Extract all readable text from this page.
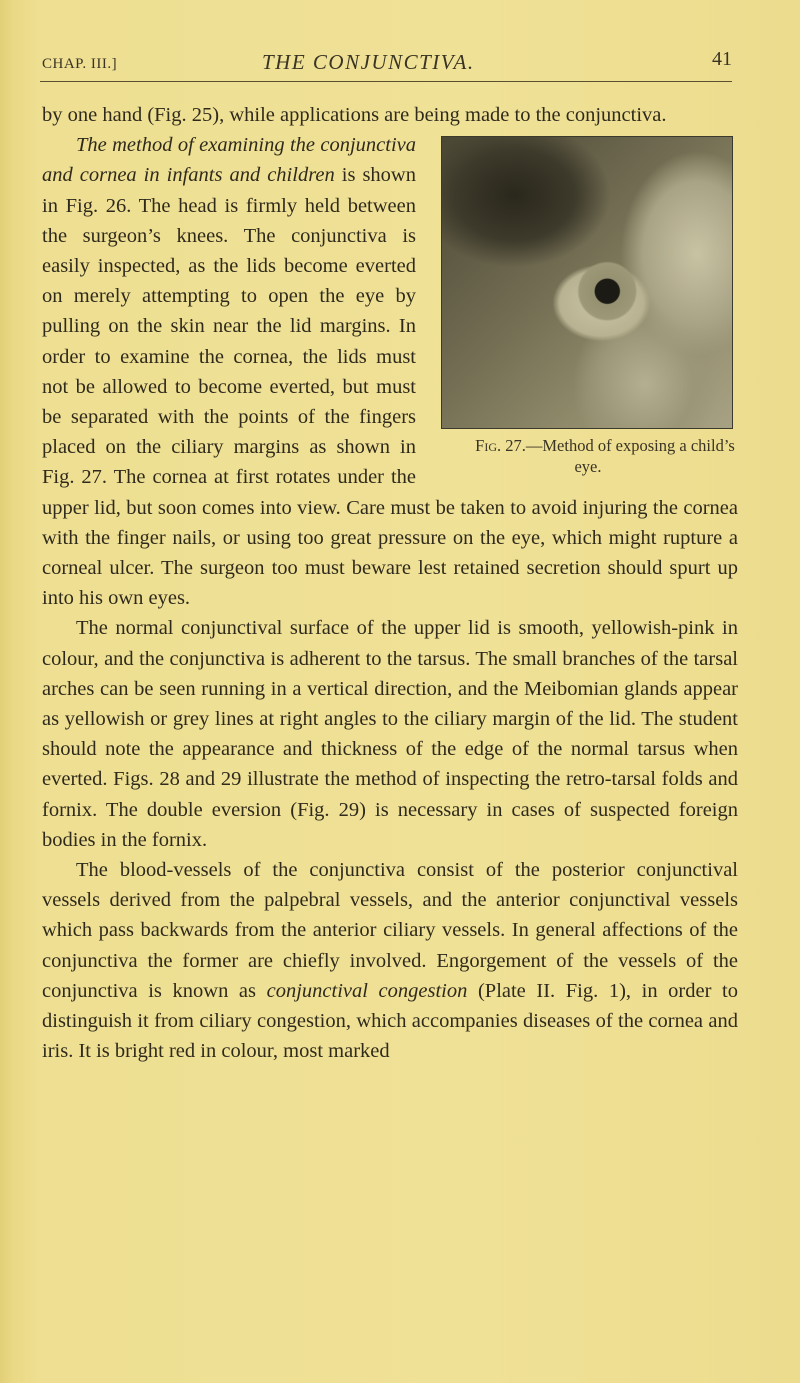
CHAP. III.]	THE CONJUNCTIVA.	41

by one hand (Fig. 25), while applications are being made to the conjunctiva.

Fig. 27.—Method of exposing a child’s eye.
The method of examining the conjunctiva and cornea in infants and children is shown in Fig. 26. The head is firmly held between the surgeon’s knees. The conjunctiva is easily inspected, as the lids become everted on merely attempting to open the eye by pulling on the skin near the lid margins. In order to examine the cornea, the lids must not be allowed to become everted, but must be separated with the points of the fingers placed on the ciliary margins as shown in Fig. 27. The cornea at first rotates under the upper lid, but soon comes into view. Care must be taken to avoid injuring the cornea with the finger nails, or using too great pressure on the eye, which might rupture a corneal ulcer. The surgeon too must beware lest retained secretion should spurt up into his own eyes.

The normal conjunctival surface of the upper lid is smooth, yellowish-pink in colour, and the conjunctiva is adherent to the tarsus. The small branches of the tarsal arches can be seen running in a vertical direction, and the Meibomian glands appear as yellowish or grey lines at right angles to the ciliary margin of the lid. The student should note the appearance and thickness of the edge of the normal tarsus when everted. Figs. 28 and 29 illustrate the method of inspecting the retro-tarsal folds and fornix. The double eversion (Fig. 29) is necessary in cases of suspected foreign bodies in the fornix.

The blood-vessels of the conjunctiva consist of the posterior conjunctival vessels derived from the palpebral vessels, and the anterior conjunctival vessels which pass backwards from the anterior ciliary vessels. In general affections of the conjunctiva the former are chiefly involved. Engorgement of the vessels of the conjunctiva is known as conjunctival congestion (Plate II. Fig. 1), in order to distinguish it from ciliary congestion, which accompanies diseases of the cornea and iris. It is bright red in colour, most marked
